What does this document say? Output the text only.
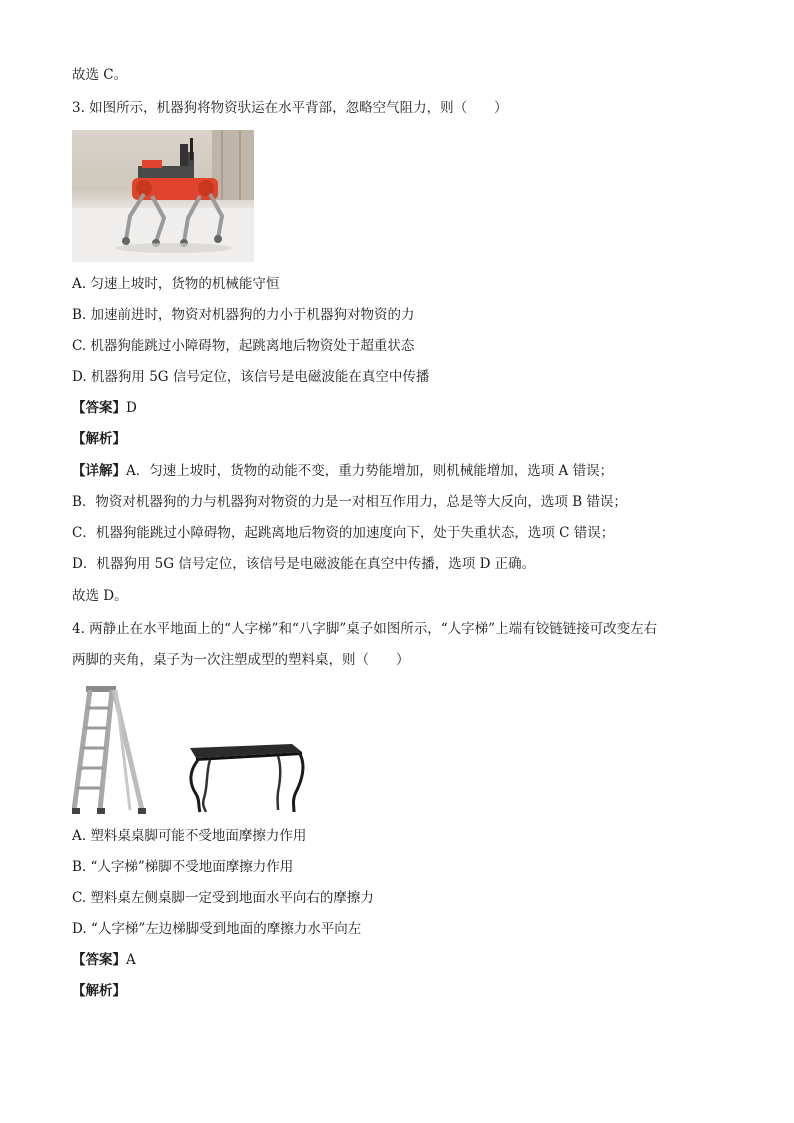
故选 C。
3. 如图所示，机器狗将物资驮运在水平背部，忽略空气阻力，则（　　）
A. 匀速上坡时，货物的机械能守恒
B. 加速前进时，物资对机器狗的力小于机器狗对物资的力
C. 机器狗能跳过小障碍物，起跳离地后物资处于超重状态
D. 机器狗用 5G 信号定位，该信号是电磁波能在真空中传播
【答案】D
【解析】
【详解】A．匀速上坡时，货物的动能不变，重力势能增加，则机械能增加，选项 A 错误；
B．物资对机器狗的力与机器狗对物资的力是一对相互作用力，总是等大反向，选项 B 错误；
C．机器狗能跳过小障碍物，起跳离地后物资的加速度向下，处于失重状态，选项 C 错误；
D．机器狗用 5G 信号定位，该信号是电磁波能在真空中传播，选项 D 正确。
故选 D。
4. 两静止在水平地面上的“人字梯”和“八字脚”桌子如图所示，“人字梯”上端有铰链链接可改变左右
两脚的夹角，桌子为一次注塑成型的塑料桌，则（　　）
A. 塑料桌桌脚可能不受地面摩擦力作用
B. “人字梯”梯脚不受地面摩擦力作用
C. 塑料桌左侧桌脚一定受到地面水平向右的摩擦力
D. “人字梯”左边梯脚受到地面的摩擦力水平向左
【答案】A
【解析】
